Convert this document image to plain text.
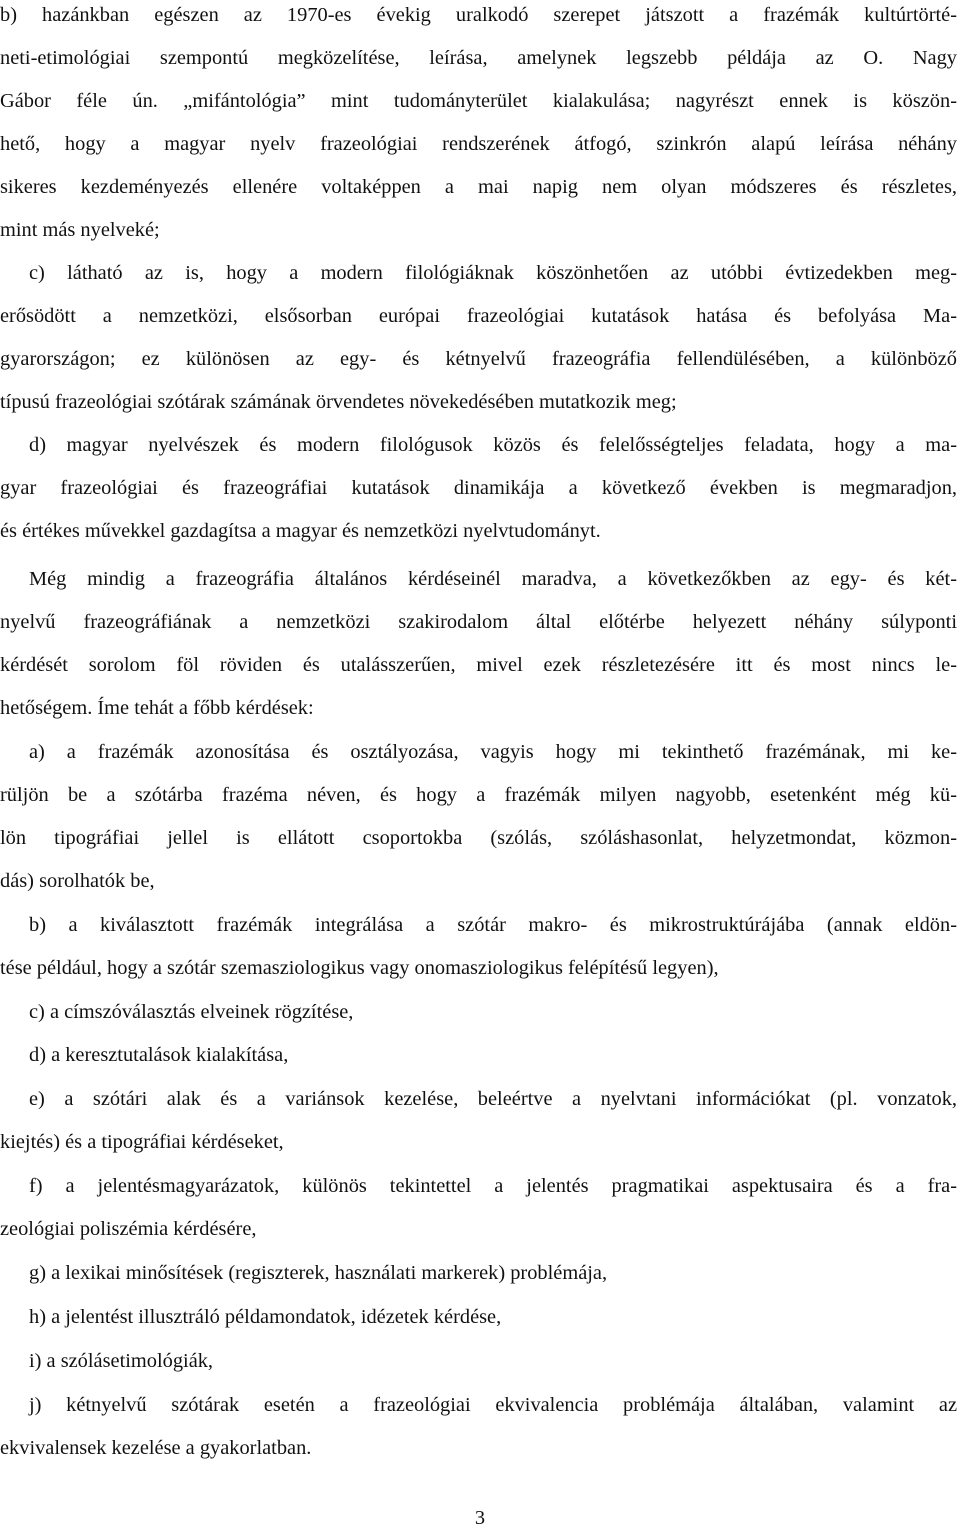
b) hazánkban egészen az 1970-es évekig uralkodó szerepet játszott a frazémák kultúrtörté-
neti-etimológiai szempontú megközelítése, leírása, amelynek legszebb példája az O. Nagy
Gábor féle ún. „mifántológia” mint tudományterület kialakulása; nagyrészt ennek is köszön-
hető, hogy a magyar nyelv frazeológiai rendszerének átfogó, szinkrón alapú leírása néhány
sikeres kezdeményezés ellenére voltaképpen a mai napig nem olyan módszeres és részletes,
mint más nyelveké;
c) látható az is, hogy a modern filológiáknak köszönhetően az utóbbi évtizedekben meg-
erősödött a nemzetközi, elsősorban európai frazeológiai kutatások hatása és befolyása Ma-
gyarországon; ez különösen az egy- és kétnyelvű frazeográfia fellendülésében, a különböző
típusú frazeológiai szótárak számának örvendetes növekedésében mutatkozik meg;
d) magyar nyelvészek és modern filológusok közös és felelősségteljes feladata, hogy a ma-
gyar frazeológiai és frazeográfiai kutatások dinamikája a következő években is megmaradjon,
és értékes művekkel gazdagítsa a magyar és nemzetközi nyelvtudományt.
Még mindig a frazeográfia általános kérdéseinél maradva, a következőkben az egy- és két-
nyelvű frazeográfiának a nemzetközi szakirodalom által előtérbe helyezett néhány súlyponti
kérdését sorolom föl röviden és utalásszerűen, mivel ezek részletezésére itt és most nincs le-
hetőségem. Íme tehát a főbb kérdések:
a) a frazémák azonosítása és osztályozása, vagyis hogy mi tekinthető frazémának, mi ke-
rüljön be a szótárba frazéma néven, és hogy a frazémák milyen nagyobb, esetenként még kü-
lön tipográfiai jellel is ellátott csoportokba (szólás, szóláshasonlat, helyzetmondat, közmon-
dás) sorolhatók be,
b) a kiválasztott frazémák integrálása a szótár makro- és mikrostruktúrájába (annak eldön-
tése például, hogy a szótár szemasziologikus vagy onomasziologikus felépítésű legyen),
c) a címszóválasztás elveinek rögzítése,
d) a keresztutalások kialakítása,
e) a szótári alak és a variánsok kezelése, beleértve a nyelvtani információkat (pl. vonzatok,
kiejtés) és a tipográfiai kérdéseket,
f) a jelentésmagyarázatok, különös tekintettel a jelentés pragmatikai aspektusaira és a fra-
zeológiai poliszémia kérdésére,
g) a lexikai minősítések (regiszterek, használati markerek) problémája,
h) a jelentést illusztráló példamondatok, idézetek kérdése,
i) a szólásetimológiák,
j) kétnyelvű szótárak esetén a frazeológiai ekvivalencia problémája általában, valamint az
ekvivalensek kezelése a gyakorlatban.
3
